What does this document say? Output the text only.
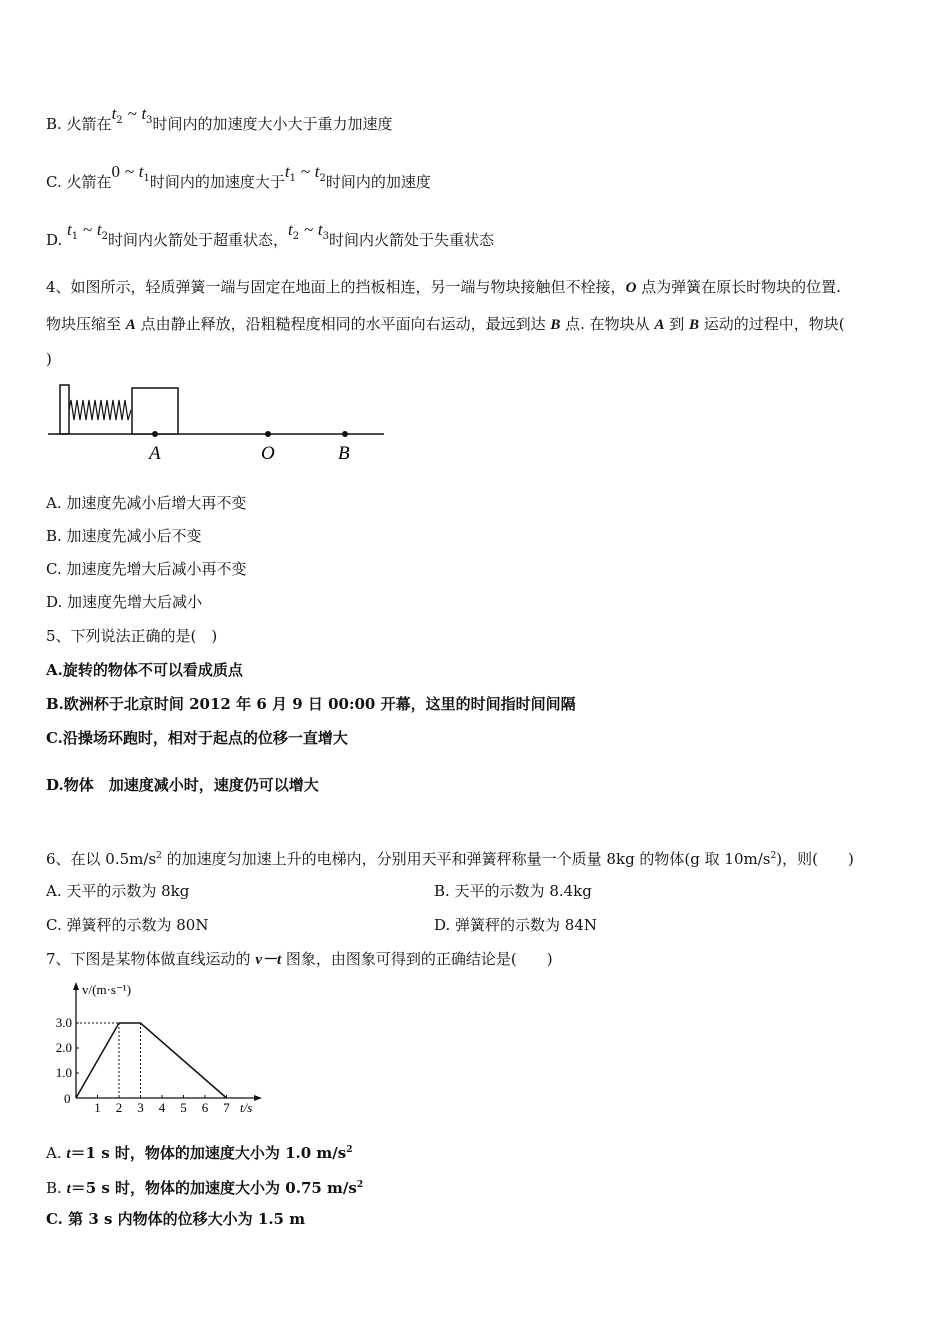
B. 火箭在$t_2$ ~ $t_3$时间内的加速度大小大于重力加速度
C. 火箭在0 ~ $t_1$时间内的加速度大于$t_1$ ~ $t_2$时间内的加速度
D. $t_1$ ~ $t_2$时间内火箭处于超重状态，$t_2$ ~ $t_3$时间内火箭处于失重状态
4、如图所示，轻质弹簧一端与固定在地面上的挡板相连，另一端与物块接触但不栓接，O 点为弹簧在原长时物块的位置.
物块压缩至 A 点由静止释放，沿粗糙程度相同的水平面向右运动，最远到达 B 点. 在物块从 A 到 B 运动的过程中，物块(
)
A	O	B
A. 加速度先减小后增大再不变
B. 加速度先减小后不变
C. 加速度先增大后减小再不变
D. 加速度先增大后减小
5、下列说法正确的是(　)
A.旋转的物体不可以看成质点
B.欧洲杯于北京时间 2012 年 6 月 9 日 00:00 开幕，这里的时间指时间间隔
C.沿操场环跑时，相对于起点的位移一直增大
D.物体　加速度减小时，速度仍可以增大
6、在以 $0.5m/s^2$ 的加速度匀加速上升的电梯内，分别用天平和弹簧秤称量一个质量 8kg 的物体(g 取 $10m/s^2$)，则(　　)
A. 天平的示数为 8kg	B. 天平的示数为 8.4kg
C. 弹簧秤的示数为 80N	D. 弹簧秤的示数为 84N
7、下图是某物体做直线运动的 v－t 图象，由图象可得到的正确结论是(　　)
v/(m·s⁻¹)
t/s
0
1 2 3 4 5 6 7
1.0
2.0
3.0
A. t＝1 s 时，物体的加速度大小为 1.0 $m/s^2$
B. t＝5 s 时，物体的加速度大小为 0.75 $m/s^2$
C. 第 3 s 内物体的位移大小为 1.5 m
